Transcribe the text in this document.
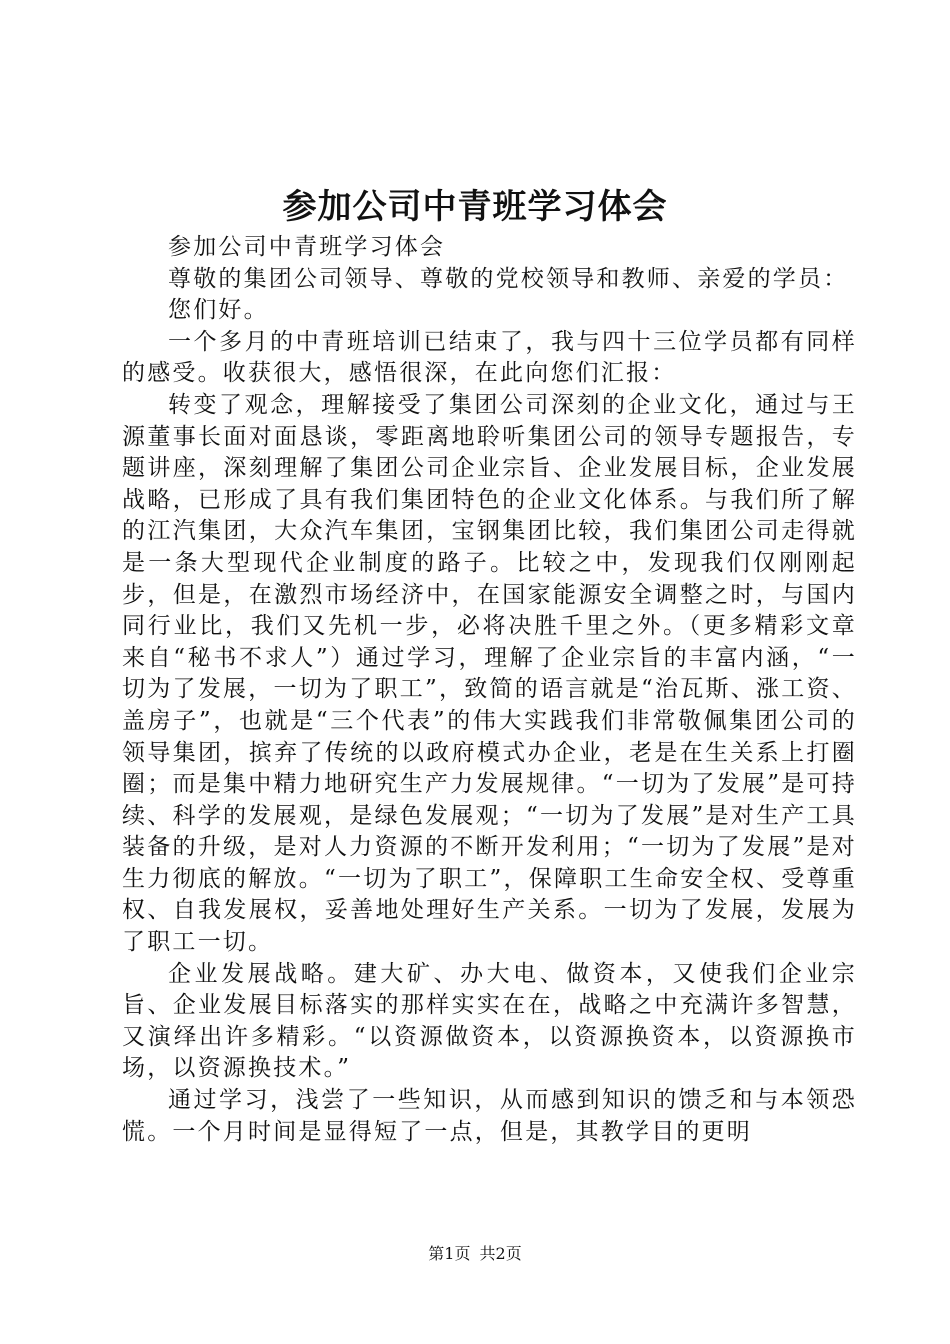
参加公司中青班学习体会

参加公司中青班学习体会

尊敬的集团公司领导、尊敬的党校领导和教师、亲爱的学员：

您们好。

一个多月的中青班培训已结束了，我与四十三位学员都有同样的感受。收获很大，感悟很深，在此向您们汇报：

转变了观念，理解接受了集团公司深刻的企业文化，通过与王源董事长面对面恳谈，零距离地聆听集团公司的领导专题报告，专题讲座，深刻理解了集团公司企业宗旨、企业发展目标，企业发展战略，已形成了具有我们集团特色的企业文化体系。与我们所了解的江汽集团，大众汽车集团，宝钢集团比较，我们集团公司走得就是一条大型现代企业制度的路子。比较之中，发现我们仅刚刚起步，但是，在激烈市场经济中，在国家能源安全调整之时，与国内同行业比，我们又先机一步，必将决胜千里之外。（更多精彩文章来自“秘书不求人”）通过学习，理解了企业宗旨的丰富内涵，“一切为了发展，一切为了职工”，致简的语言就是“治瓦斯、涨工资、盖房子”，也就是“三个代表”的伟大实践我们非常敬佩集团公司的领导集团，摈弃了传统的以政府模式办企业，老是在生关系上打圈圈；而是集中精力地研究生产力发展规律。“一切为了发展”是可持续、科学的发展观，是绿色发展观；“一切为了发展”是对生产工具装备的升级，是对人力资源的不断开发利用；“一切为了发展”是对生力彻底的解放。“一切为了职工”，保障职工生命安全权、受尊重权、自我发展权，妥善地处理好生产关系。一切为了发展，发展为了职工一切。

企业发展战略。建大矿、办大电、做资本，又使我们企业宗旨、企业发展目标落实的那样实实在在，战略之中充满许多智慧，又演绎出许多精彩。“以资源做资本，以资源换资本，以资源换市场，以资源换技术。”

通过学习，浅尝了一些知识，从而感到知识的馈乏和与本领恐慌。一个月时间是显得短了一点，但是，其教学目的更明

第1页 共2页
